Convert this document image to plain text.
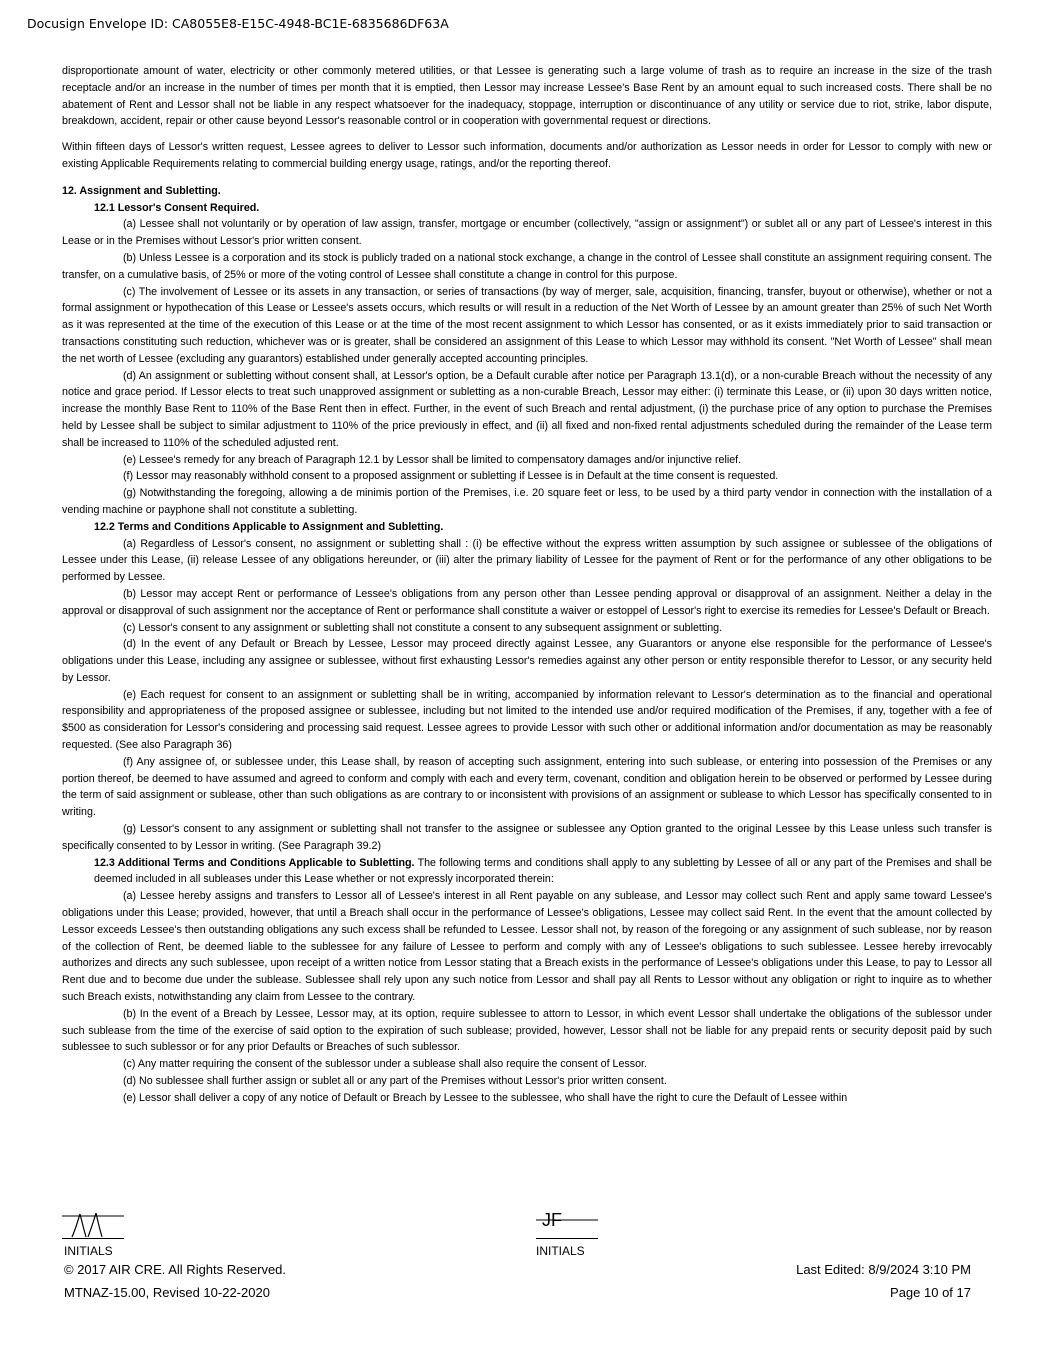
Docusign Envelope ID: CA8055E8-E15C-4948-BC1E-6835686DF63A

disproportionate amount of water, electricity or other commonly metered utilities, or that Lessee is generating such a large volume of trash as to require an increase in the size of the trash receptacle and/or an increase in the number of times per month that it is emptied, then Lessor may increase Lessee's Base Rent by an amount equal to such increased costs. There shall be no abatement of Rent and Lessor shall not be liable in any respect whatsoever for the inadequacy, stoppage, interruption or discontinuance of any utility or service due to riot, strike, labor dispute, breakdown, accident, repair or other cause beyond Lessor's reasonable control or in cooperation with governmental request or directions.

Within fifteen days of Lessor's written request, Lessee agrees to deliver to Lessor such information, documents and/or authorization as Lessor needs in order for Lessor to comply with new or existing Applicable Requirements relating to commercial building energy usage, ratings, and/or the reporting thereof.

12. Assignment and Subletting.

12.1 Lessor's Consent Required.

(a) Lessee shall not voluntarily or by operation of law assign, transfer, mortgage or encumber (collectively, "assign or assignment") or sublet all or any part of Lessee's interest in this Lease or in the Premises without Lessor's prior written consent.

(b) Unless Lessee is a corporation and its stock is publicly traded on a national stock exchange, a change in the control of Lessee shall constitute an assignment requiring consent. The transfer, on a cumulative basis, of 25% or more of the voting control of Lessee shall constitute a change in control for this purpose.

(c) The involvement of Lessee or its assets in any transaction, or series of transactions (by way of merger, sale, acquisition, financing, transfer, buyout or otherwise), whether or not a formal assignment or hypothecation of this Lease or Lessee's assets occurs, which results or will result in a reduction of the Net Worth of Lessee by an amount greater than 25% of such Net Worth as it was represented at the time of the execution of this Lease or at the time of the most recent assignment to which Lessor has consented, or as it exists immediately prior to said transaction or transactions constituting such reduction, whichever was or is greater, shall be considered an assignment of this Lease to which Lessor may withhold its consent. "Net Worth of Lessee" shall mean the net worth of Lessee (excluding any guarantors) established under generally accepted accounting principles.

(d) An assignment or subletting without consent shall, at Lessor's option, be a Default curable after notice per Paragraph 13.1(d), or a non-curable Breach without the necessity of any notice and grace period. If Lessor elects to treat such unapproved assignment or subletting as a non-curable Breach, Lessor may either: (i) terminate this Lease, or (ii) upon 30 days written notice, increase the monthly Base Rent to 110% of the Base Rent then in effect. Further, in the event of such Breach and rental adjustment, (i) the purchase price of any option to purchase the Premises held by Lessee shall be subject to similar adjustment to 110% of the price previously in effect, and (ii) all fixed and non-fixed rental adjustments scheduled during the remainder of the Lease term shall be increased to 110% of the scheduled adjusted rent.

(e) Lessee's remedy for any breach of Paragraph 12.1 by Lessor shall be limited to compensatory damages and/or injunctive relief.

(f) Lessor may reasonably withhold consent to a proposed assignment or subletting if Lessee is in Default at the time consent is requested.

(g) Notwithstanding the foregoing, allowing a de minimis portion of the Premises, i.e. 20 square feet or less, to be used by a third party vendor in connection with the installation of a vending machine or payphone shall not constitute a subletting.

12.2 Terms and Conditions Applicable to Assignment and Subletting.

(a) Regardless of Lessor's consent, no assignment or subletting shall : (i) be effective without the express written assumption by such assignee or sublessee of the obligations of Lessee under this Lease, (ii) release Lessee of any obligations hereunder, or (iii) alter the primary liability of Lessee for the payment of Rent or for the performance of any other obligations to be performed by Lessee.

(b) Lessor may accept Rent or performance of Lessee's obligations from any person other than Lessee pending approval or disapproval of an assignment. Neither a delay in the approval or disapproval of such assignment nor the acceptance of Rent or performance shall constitute a waiver or estoppel of Lessor's right to exercise its remedies for Lessee's Default or Breach.

(c) Lessor's consent to any assignment or subletting shall not constitute a consent to any subsequent assignment or subletting.

(d) In the event of any Default or Breach by Lessee, Lessor may proceed directly against Lessee, any Guarantors or anyone else responsible for the performance of Lessee's obligations under this Lease, including any assignee or sublessee, without first exhausting Lessor's remedies against any other person or entity responsible therefor to Lessor, or any security held by Lessor.

(e) Each request for consent to an assignment or subletting shall be in writing, accompanied by information relevant to Lessor's determination as to the financial and operational responsibility and appropriateness of the proposed assignee or sublessee, including but not limited to the intended use and/or required modification of the Premises, if any, together with a fee of $500 as consideration for Lessor's considering and processing said request. Lessee agrees to provide Lessor with such other or additional information and/or documentation as may be reasonably requested. (See also Paragraph 36)

(f) Any assignee of, or sublessee under, this Lease shall, by reason of accepting such assignment, entering into such sublease, or entering into possession of the Premises or any portion thereof, be deemed to have assumed and agreed to conform and comply with each and every term, covenant, condition and obligation herein to be observed or performed by Lessee during the term of said assignment or sublease, other than such obligations as are contrary to or inconsistent with provisions of an assignment or sublease to which Lessor has specifically consented to in writing.

(g) Lessor's consent to any assignment or subletting shall not transfer to the assignee or sublessee any Option granted to the original Lessee by this Lease unless such transfer is specifically consented to by Lessor in writing. (See Paragraph 39.2)

12.3 Additional Terms and Conditions Applicable to Subletting. The following terms and conditions shall apply to any subletting by Lessee of all or any part of the Premises and shall be deemed included in all subleases under this Lease whether or not expressly incorporated therein:

(a) Lessee hereby assigns and transfers to Lessor all of Lessee's interest in all Rent payable on any sublease, and Lessor may collect such Rent and apply same toward Lessee's obligations under this Lease; provided, however, that until a Breach shall occur in the performance of Lessee's obligations, Lessee may collect said Rent. In the event that the amount collected by Lessor exceeds Lessee's then outstanding obligations any such excess shall be refunded to Lessee. Lessor shall not, by reason of the foregoing or any assignment of such sublease, nor by reason of the collection of Rent, be deemed liable to the sublessee for any failure of Lessee to perform and comply with any of Lessee's obligations to such sublessee. Lessee hereby irrevocably authorizes and directs any such sublessee, upon receipt of a written notice from Lessor stating that a Breach exists in the performance of Lessee's obligations under this Lease, to pay to Lessor all Rent due and to become due under the sublease. Sublessee shall rely upon any such notice from Lessor and shall pay all Rents to Lessor without any obligation or right to inquire as to whether such Breach exists, notwithstanding any claim from Lessee to the contrary.

(b) In the event of a Breach by Lessee, Lessor may, at its option, require sublessee to attorn to Lessor, in which event Lessor shall undertake the obligations of the sublessor under such sublease from the time of the exercise of said option to the expiration of such sublease; provided, however, Lessor shall not be liable for any prepaid rents or security deposit paid by such sublessee to such sublessor or for any prior Defaults or Breaches of such sublessor.

(c) Any matter requiring the consent of the sublessor under a sublease shall also require the consent of Lessor.

(d) No sublessee shall further assign or sublet all or any part of the Premises without Lessor's prior written consent.

(e) Lessor shall deliver a copy of any notice of Default or Breach by Lessee to the sublessee, who shall have the right to cure the Default of Lessee within

JF
INITIALS	INITIALS
© 2017 AIR CRE. All Rights Reserved.	Last Edited: 8/9/2024 3:10 PM
MTNAZ-15.00, Revised 10-22-2020	Page 10 of 17
